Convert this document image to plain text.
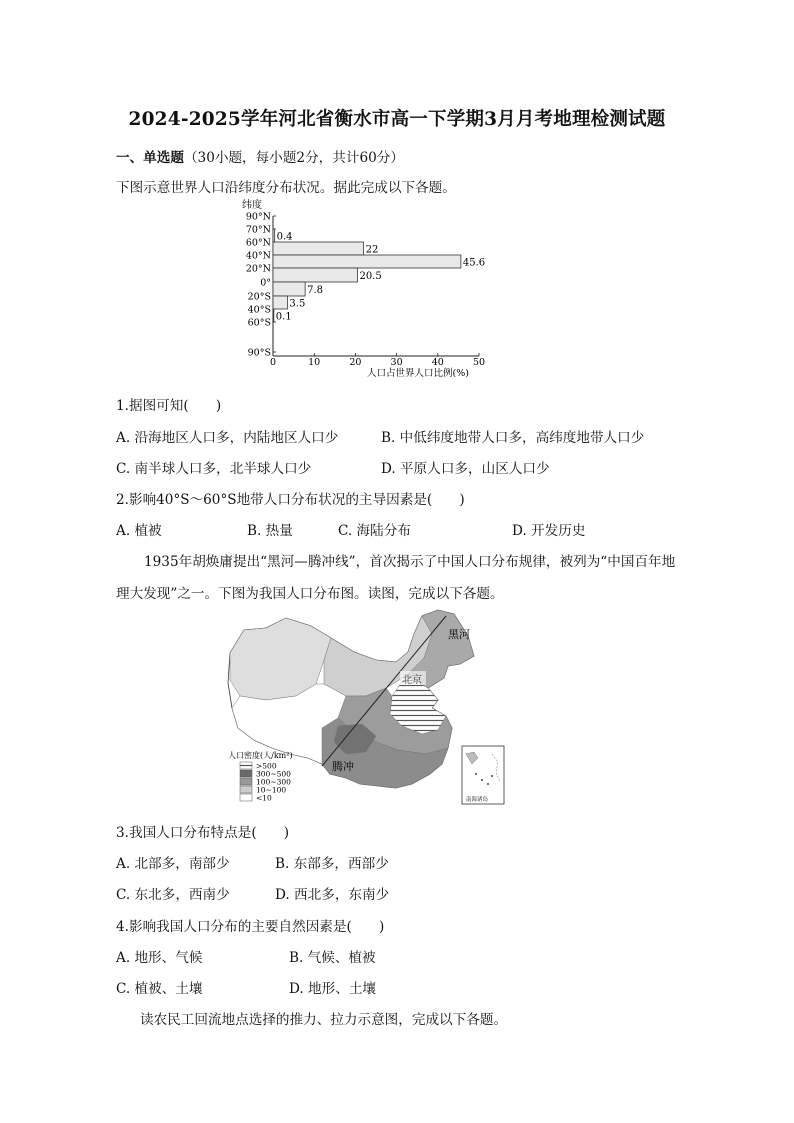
2024-2025学年河北省衡水市高一下学期3月月考地理检测试题
一、单选题（30小题，每小题2分，共计60分）
下图示意世界人口沿纬度分布状况。据此完成以下各题。
纬度
90°N
70°N
60°N
40°N
20°N
0°
20°S
40°S
60°S
90°S
0.4
22
45.6
20.5
7.8
3.5
0.1
0	10	20	30	40	50
人口占世界人口比例(%)
1.据图可知(　　)
A. 沿海地区人口多，内陆地区人口少	B. 中低纬度地带人口多，高纬度地带人口少
C. 南半球人口多，北半球人口少	D. 平原人口多，山区人口少
2.影响40°S～60°S地带人口分布状况的主导因素是(　　)
A. 植被	B. 热量	C. 海陆分布	D. 开发历史
1935年胡焕庸提出“黑河—腾冲线”，首次揭示了中国人口分布规律，被列为“中国百年地
理大发现”之一。下图为我国人口分布图。读图，完成以下各题。
黑河
北京
腾冲
人口密度(人/km²)
>500
300~500
100~300
10~100
<10	南海诸岛
3.我国人口分布特点是(　　)
A. 北部多，南部少	B. 东部多，西部少
C. 东北多，西南少	D. 西北多，东南少
4.影响我国人口分布的主要自然因素是(　　)
A. 地形、气候	B. 气候、植被
C. 植被、土壤	D. 地形、土壤
读农民工回流地点选择的推力、拉力示意图，完成以下各题。
